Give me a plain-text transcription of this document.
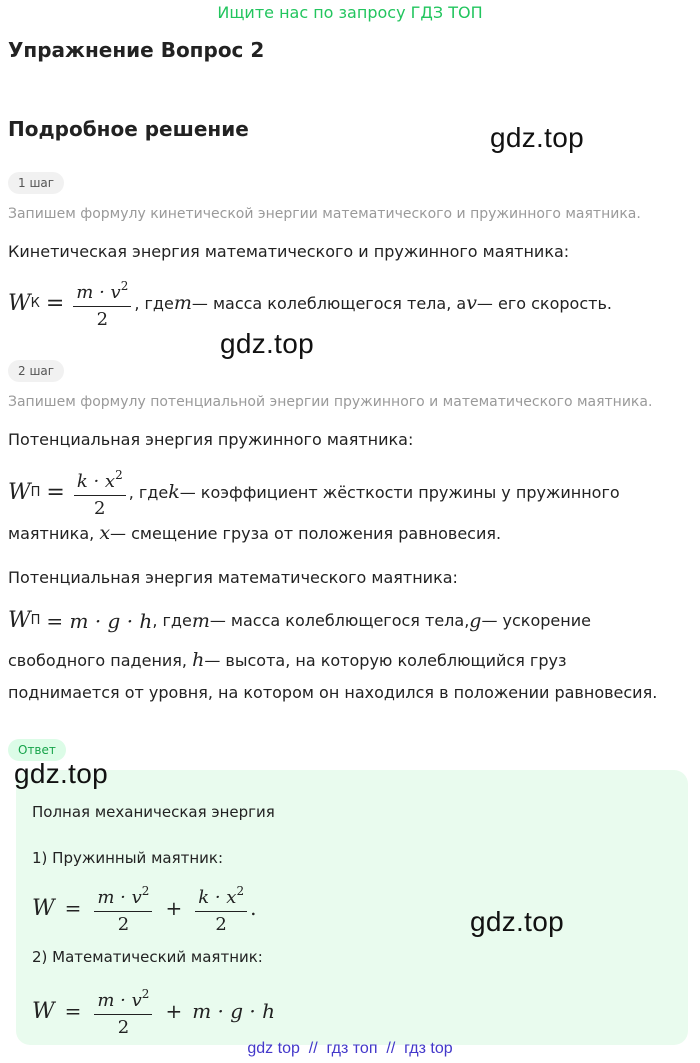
Ищите нас по запросу ГДЗ ТОП
Упражнение Вопрос 2
Подробное решение	gdz.top
1 шаг
Запишем формулу кинетической энергии математического и пружинного маятника.
Кинетическая энергия математического и пружинного маятника:
W $К = \frac{m \cdot v^2}{2}$ , где m — масса колеблющегося тела, а v — его скорость.
gdz.top
2 шаг
Запишем формулу потенциальной энергии пружинного и математического маятника.
Потенциальная энергия пружинного маятника:
W $П = \frac{k \cdot x^2}{2}$ , где k — коэффициент жёсткости пружины у пружинного
маятника, x— смещение груза от положения равновесия.
Потенциальная энергия математического маятника:
W П = m · g · h , где m — масса колеблющегося тела, g — ускорение
свободного падения, h— высота, на которую колеблющийся груз
поднимается от уровня, на котором он находился в положении равновесия.
Ответ
gdz.top
Полная механическая энергия
1) Пружинный маятник:
$W = \frac{m \cdot v^2}{2} + \frac{k \cdot x^2}{2}$ .	gdz.top
2) Математический маятник:
$W = \frac{m \cdot v^2}{2} + m \cdot g \cdot h$
gdz top  //  гдз топ  //  гдз top
